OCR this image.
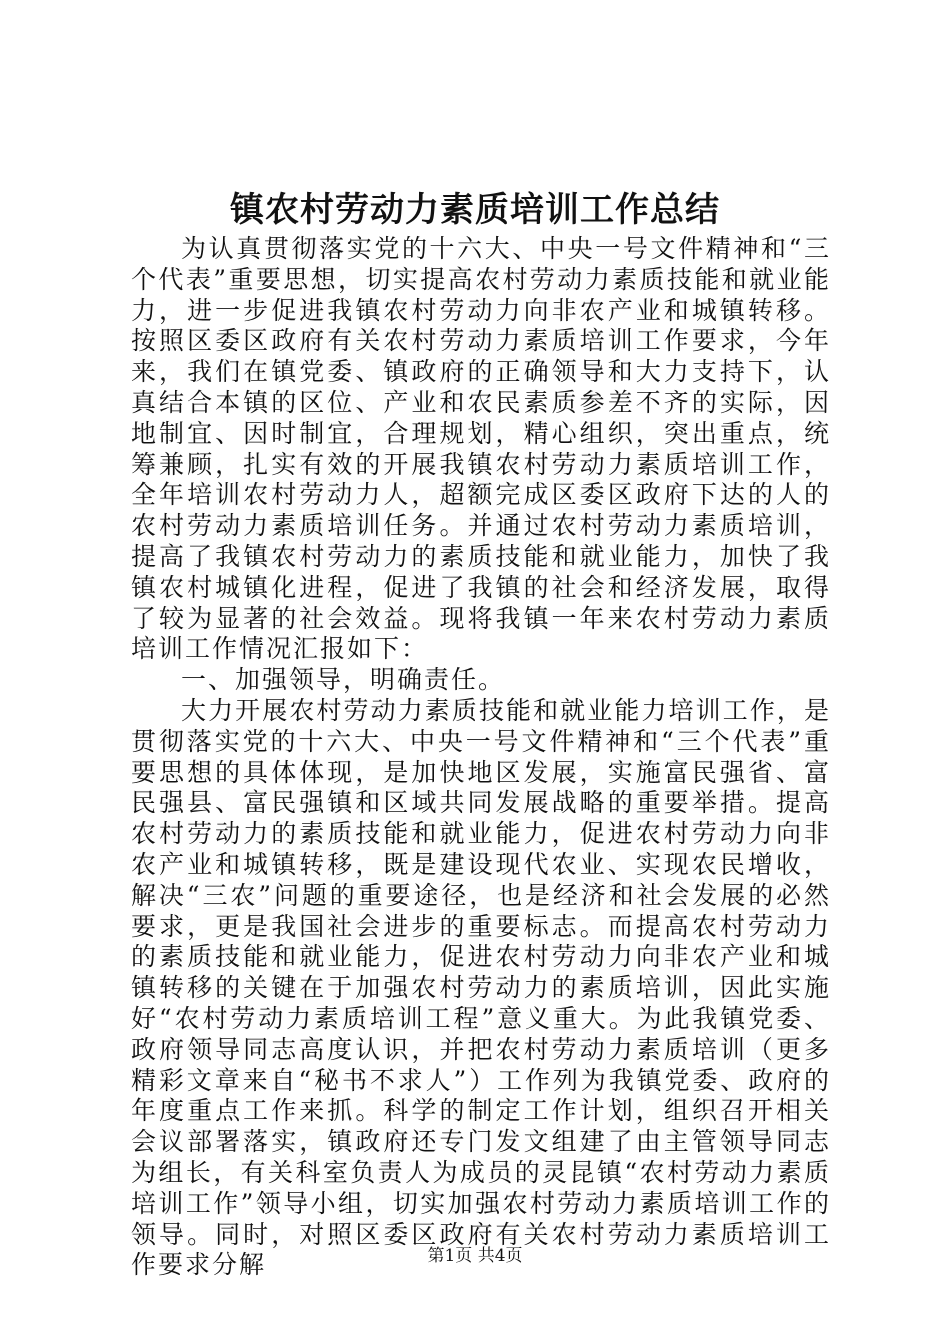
镇农村劳动力素质培训工作总结

为认真贯彻落实党的十六大、中央一号文件精神和“三个代表”重要思想，切实提高农村劳动力素质技能和就业能力，进一步促进我镇农村劳动力向非农产业和城镇转移。按照区委区政府有关农村劳动力素质培训工作要求，今年来，我们在镇党委、镇政府的正确领导和大力支持下，认真结合本镇的区位、产业和农民素质参差不齐的实际，因地制宜、因时制宜，合理规划，精心组织，突出重点，统筹兼顾，扎实有效的开展我镇农村劳动力素质培训工作，全年培训农村劳动力人，超额完成区委区政府下达的人的农村劳动力素质培训任务。并通过农村劳动力素质培训，提高了我镇农村劳动力的素质技能和就业能力，加快了我镇农村城镇化进程，促进了我镇的社会和经济发展，取得了较为显著的社会效益。现将我镇一年来农村劳动力素质培训工作情况汇报如下：

一、加强领导，明确责任。

大力开展农村劳动力素质技能和就业能力培训工作，是贯彻落实党的十六大、中央一号文件精神和“三个代表”重要思想的具体体现，是加快地区发展，实施富民强省、富民强县、富民强镇和区域共同发展战略的重要举措。提高农村劳动力的素质技能和就业能力，促进农村劳动力向非农产业和城镇转移，既是建设现代农业、实现农民增收，解决“三农”问题的重要途径，也是经济和社会发展的必然要求，更是我国社会进步的重要标志。而提高农村劳动力的素质技能和就业能力，促进农村劳动力向非农产业和城镇转移的关键在于加强农村劳动力的素质培训，因此实施好“农村劳动力素质培训工程”意义重大。为此我镇党委、政府领导同志高度认识，并把农村劳动力素质培训（更多精彩文章来自“秘书不求人”）工作列为我镇党委、政府的年度重点工作来抓。科学的制定工作计划，组织召开相关会议部署落实，镇政府还专门发文组建了由主管领导同志为组长，有关科室负责人为成员的灵昆镇“农村劳动力素质培训工作”领导小组，切实加强农村劳动力素质培训工作的领导。同时，对照区委区政府有关农村劳动力素质培训工作要求分解	第1页 共4页
